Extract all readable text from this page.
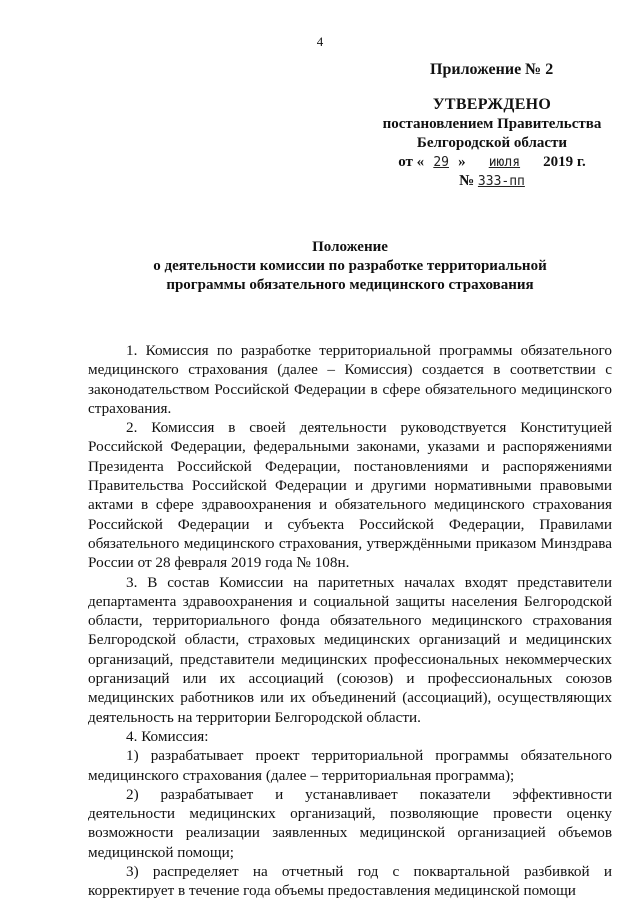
4
Приложение № 2
УТВЕРЖДЕНО
постановлением Правительства
Белгородской области
от « 29 » июля 2019 г.
№ 333-пп
Положение
о деятельности комиссии по разработке территориальной
программы обязательного медицинского страхования

1. Комиссия по разработке территориальной программы обязательного медицинского страхования (далее – Комиссия) создается в соответствии с законодательством Российской Федерации в сфере обязательного медицинского страхования.

2. Комиссия в своей деятельности руководствуется Конституцией Российской Федерации, федеральными законами, указами и распоряжениями Президента Российской Федерации, постановлениями и распоряжениями Правительства Российской Федерации и другими нормативными правовыми актами в сфере здравоохранения и обязательного медицинского страхования Российской Федерации и субъекта Российской Федерации, Правилами обязательного медицинского страхования, утверждёнными приказом Минздрава России от 28 февраля 2019 года № 108н.

3. В состав Комиссии на паритетных началах входят представители департамента здравоохранения и социальной защиты населения Белгородской области, территориального фонда обязательного медицинского страхования Белгородской области, страховых медицинских организаций и медицинских организаций, представители медицинских профессиональных некоммерческих организаций или их ассоциаций (союзов) и профессиональных союзов медицинских работников или их объединений (ассоциаций), осуществляющих деятельность на территории Белгородской области.

4. Комиссия:

1) разрабатывает проект территориальной программы обязательного медицинского страхования (далее – территориальная программа);

2) разрабатывает и устанавливает показатели эффективности деятельности медицинских организаций, позволяющие провести оценку возможности реализации заявленных медицинской организацией объемов медицинской помощи;

3) распределяет на отчетный год с поквартальной разбивкой и корректирует в течение года объемы предоставления медицинской помощи
